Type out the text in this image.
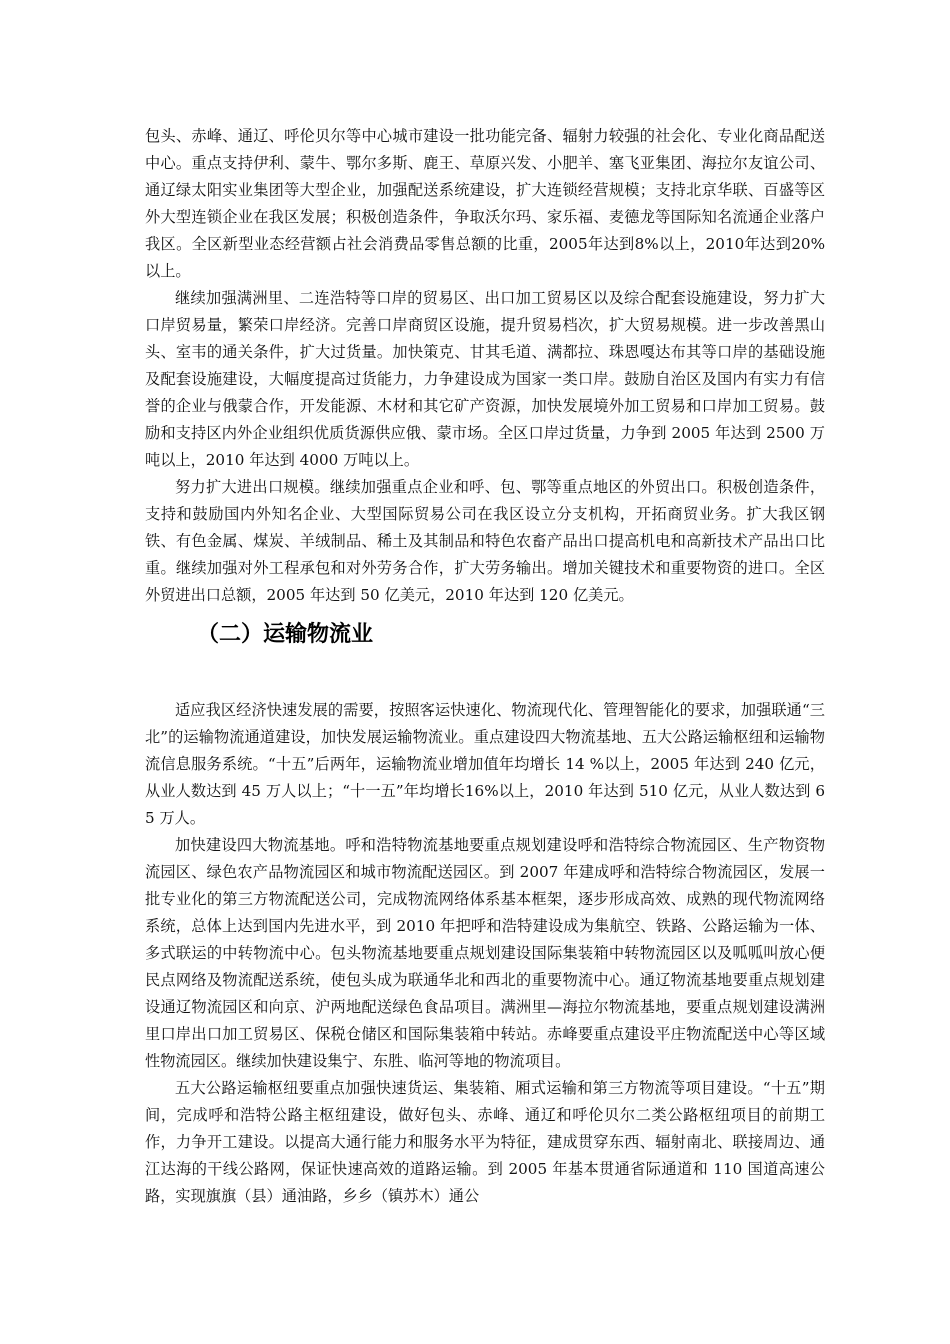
包头、赤峰、通辽、呼伦贝尔等中心城市建设一批功能完备、辐射力较强的社会化、专业化商品配送中心。重点支持伊利、蒙牛、鄂尔多斯、鹿王、草原兴发、小肥羊、塞飞亚集团、海拉尔友谊公司、通辽绿太阳实业集团等大型企业，加强配送系统建设，扩大连锁经营规模；支持北京华联、百盛等区外大型连锁企业在我区发展；积极创造条件，争取沃尔玛、家乐福、麦德龙等国际知名流通企业落户我区。全区新型业态经营额占社会消费品零售总额的比重，2005年达到8%以上，2010年达到20%以上。

继续加强满洲里、二连浩特等口岸的贸易区、出口加工贸易区以及综合配套设施建设，努力扩大口岸贸易量，繁荣口岸经济。完善口岸商贸区设施，提升贸易档次，扩大贸易规模。进一步改善黑山头、室韦的通关条件，扩大过货量。加快策克、甘其毛道、满都拉、珠恩嘎达布其等口岸的基础设施及配套设施建设，大幅度提高过货能力，力争建设成为国家一类口岸。鼓励自治区及国内有实力有信誉的企业与俄蒙合作，开发能源、木材和其它矿产资源，加快发展境外加工贸易和口岸加工贸易。鼓励和支持区内外企业组织优质货源供应俄、蒙市场。全区口岸过货量，力争到 2005 年达到 2500 万吨以上，2010 年达到 4000 万吨以上。

努力扩大进出口规模。继续加强重点企业和呼、包、鄂等重点地区的外贸出口。积极创造条件，支持和鼓励国内外知名企业、大型国际贸易公司在我区设立分支机构，开拓商贸业务。扩大我区钢铁、有色金属、煤炭、羊绒制品、稀土及其制品和特色农畜产品出口提高机电和高新技术产品出口比重。继续加强对外工程承包和对外劳务合作，扩大劳务输出。增加关键技术和重要物资的进口。全区外贸进出口总额，2005 年达到 50 亿美元，2010 年达到 120 亿美元。

（二）运输物流业

适应我区经济快速发展的需要，按照客运快速化、物流现代化、管理智能化的要求，加强联通“三北”的运输物流通道建设，加快发展运输物流业。重点建设四大物流基地、五大公路运输枢纽和运输物流信息服务系统。“十五”后两年，运输物流业增加值年均增长 14 %以上，2005 年达到 240 亿元，从业人数达到 45 万人以上；“十一五”年均增长16%以上，2010 年达到 510 亿元，从业人数达到 65 万人。

加快建设四大物流基地。呼和浩特物流基地要重点规划建设呼和浩特综合物流园区、生产物资物流园区、绿色农产品物流园区和城市物流配送园区。到 2007 年建成呼和浩特综合物流园区，发展一批专业化的第三方物流配送公司，完成物流网络体系基本框架，逐步形成高效、成熟的现代物流网络系统，总体上达到国内先进水平，到 2010 年把呼和浩特建设成为集航空、铁路、公路运输为一体、多式联运的中转物流中心。包头物流基地要重点规划建设国际集装箱中转物流园区以及呱呱叫放心便民点网络及物流配送系统，使包头成为联通华北和西北的重要物流中心。通辽物流基地要重点规划建设通辽物流园区和向京、沪两地配送绿色食品项目。满洲里—海拉尔物流基地，要重点规划建设满洲里口岸出口加工贸易区、保税仓储区和国际集装箱中转站。赤峰要重点建设平庄物流配送中心等区域性物流园区。继续加快建设集宁、东胜、临河等地的物流项目。

五大公路运输枢纽要重点加强快速货运、集装箱、厢式运输和第三方物流等项目建设。“十五”期间，完成呼和浩特公路主枢纽建设，做好包头、赤峰、通辽和呼伦贝尔二类公路枢纽项目的前期工作，力争开工建设。以提高大通行能力和服务水平为特征，建成贯穿东西、辐射南北、联接周边、通江达海的干线公路网，保证快速高效的道路运输。到 2005 年基本贯通省际通道和 110 国道高速公路，实现旗旗（县）通油路，乡乡（镇苏木）通公
